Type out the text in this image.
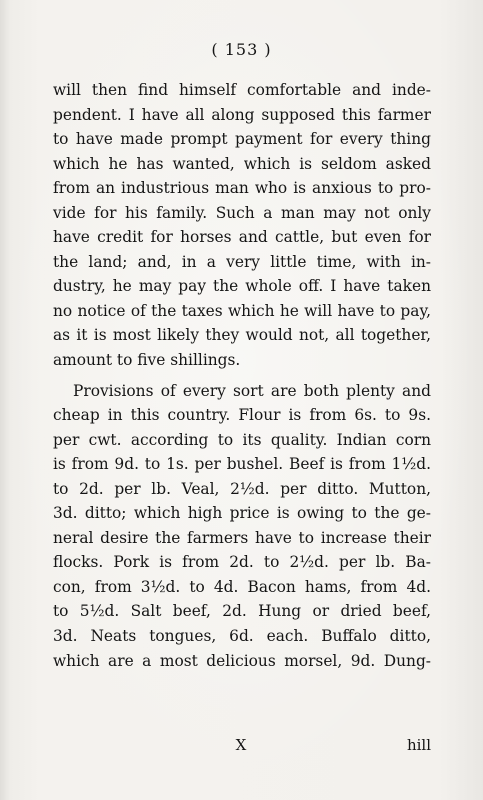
( 153 )
will then find himself comfortable and inde-
pendent. I have all along supposed this farmer
to have made prompt payment for every thing
which he has wanted, which is seldom asked
from an industrious man who is anxious to pro-
vide for his family. Such a man may not only
have credit for horses and cattle, but even for
the land; and, in a very little time, with in-
dustry, he may pay the whole off. I have taken
no notice of the taxes which he will have to pay,
as it is most likely they would not, all together,
amount to five shillings.
Provisions of every sort are both plenty and
cheap in this country. Flour is from 6s. to 9s.
per cwt. according to its quality. Indian corn
is from 9d. to 1s. per bushel. Beef is from 1½d.
to 2d. per lb. Veal, 2½d. per ditto. Mutton,
3d. ditto; which high price is owing to the ge-
neral desire the farmers have to increase their
flocks. Pork is from 2d. to 2½d. per lb. Ba-
con, from 3½d. to 4d. Bacon hams, from 4d.
to 5½d. Salt beef, 2d. Hung or dried beef,
3d. Neats tongues, 6d. each. Buffalo ditto,
which are a most delicious morsel, 9d. Dung-
X	hill
